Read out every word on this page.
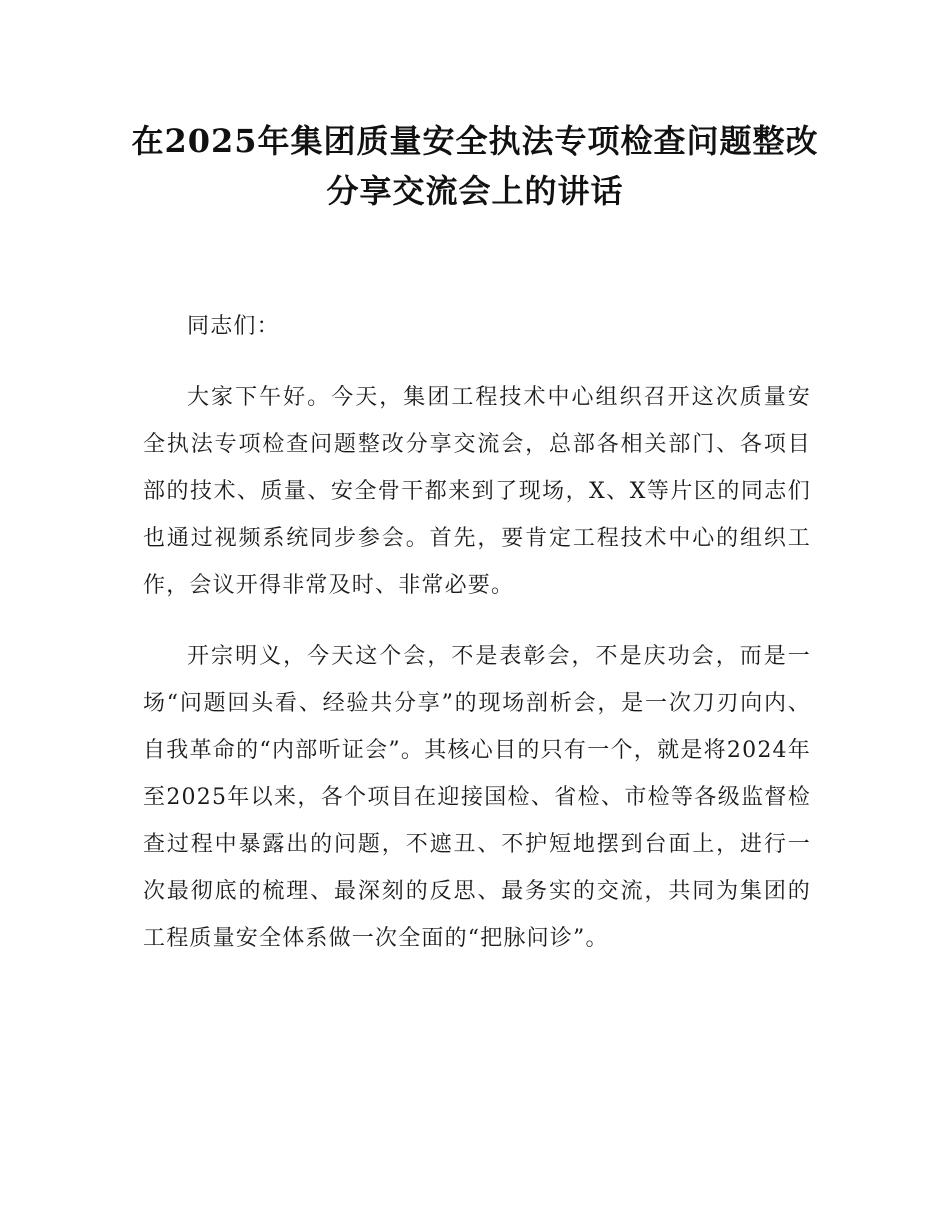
在2025年集团质量安全执法专项检查问题整改分享交流会上的讲话

同志们：

大家下午好。今天，集团工程技术中心组织召开这次质量安全执法专项检查问题整改分享交流会，总部各相关部门、各项目部的技术、质量、安全骨干都来到了现场，X、X等片区的同志们也通过视频系统同步参会。首先，要肯定工程技术中心的组织工作，会议开得非常及时、非常必要。

开宗明义，今天这个会，不是表彰会，不是庆功会，而是一场“问题回头看、经验共分享”的现场剖析会，是一次刀刃向内、自我革命的“内部听证会”。其核心目的只有一个，就是将2024年至2025年以来，各个项目在迎接国检、省检、市检等各级监督检查过程中暴露出的问题，不遮丑、不护短地摆到台面上，进行一次最彻底的梳理、最深刻的反思、最务实的交流，共同为集团的工程质量安全体系做一次全面的“把脉问诊”。
